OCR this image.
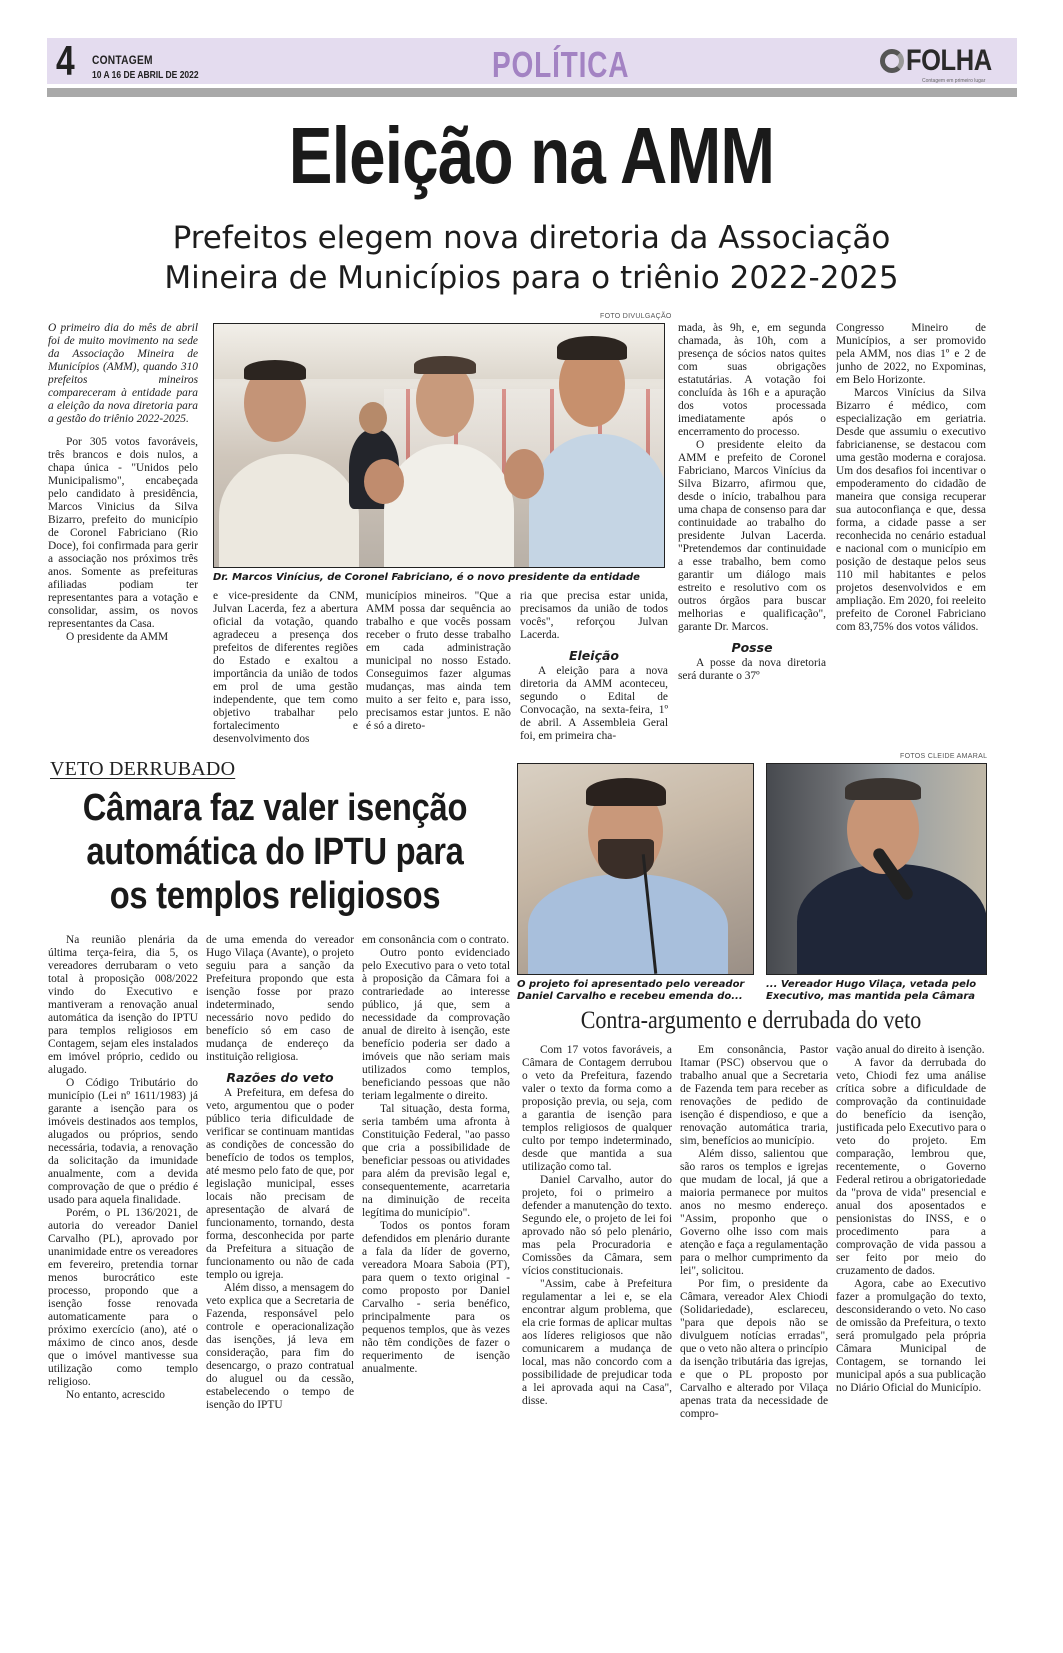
4 CONTAGEM
10 A 16 DE ABRIL DE 2022	POLÍTICA	FOLHA
Contagem em primeiro lugar
Eleição na AMM
Prefeitos elegem nova diretoria da Associação
Mineira de Municípios para o triênio 2022-2025

O primeiro dia do mês de abril foi de muito movimento na sede da Associação Mineira de Municípios (AMM), quando 310 prefeitos mineiros compareceram à entidade para a eleição da nova diretoria para a gestão do triênio 2022-2025.

Por 305 votos favoráveis, três brancos e dois nulos, a chapa única - "Unidos pelo Municipalismo", encabeçada pelo candidato à presidência, Marcos Vinicius da Silva Bizarro, prefeito do município de Coronel Fabriciano (Rio Doce), foi confirmada para gerir a associação nos próximos três anos. Somente as prefeituras afiliadas podiam ter representantes para a votação e consolidar, assim, os novos representantes da Casa.

O presidente da AMM

FOTO DIVULGAÇÃO
Dr. Marcos Vinícius, de Coronel Fabriciano, é o novo presidente da entidade

e vice-presidente da CNM, Julvan Lacerda, fez a abertura oficial da votação, quando agradeceu a presença dos prefeitos de diferentes regiões do Estado e exaltou a importância da união de todos em prol de uma gestão independente, que tem como objetivo trabalhar pelo fortalecimento e desenvolvimento dos

municípios mineiros. "Que a AMM possa dar sequência ao trabalho e que vocês possam receber o fruto desse trabalho em cada administração municipal no nosso Estado. Conseguimos fazer algumas mudanças, mas ainda tem muito a ser feito e, para isso, precisamos estar juntos. E não é só a direto-

ria que precisa estar unida, precisamos da união de todos vocês", reforçou Julvan Lacerda.

Eleição

A eleição para a nova diretoria da AMM aconteceu, segundo o Edital de Convocação, na sexta-feira, 1º de abril. A Assembleia Geral foi, em primeira cha-

mada, às 9h, e, em segunda chamada, às 10h, com a presença de sócios natos quites com suas obrigações estatutárias. A votação foi concluída às 16h e a apuração dos votos processada imediatamente após o encerramento do processo.

O presidente eleito da AMM e prefeito de Coronel Fabriciano, Marcos Vinícius da Silva Bizarro, afirmou que, desde o início, trabalhou para uma chapa de consenso para dar continuidade ao trabalho do presidente Julvan Lacerda. "Pretendemos dar continuidade a esse trabalho, bem como garantir um diálogo mais estreito e resolutivo com os outros órgãos para buscar melhorias e qualificação", garante Dr. Marcos.

Posse

A posse da nova diretoria será durante o 37º

Congresso Mineiro de Municípios, a ser promovido pela AMM, nos dias 1º e 2 de junho de 2022, no Expominas, em Belo Horizonte.

Marcos Vinícius da Silva Bizarro é médico, com especialização em geriatria. Desde que assumiu o executivo fabricianense, se destacou com uma gestão moderna e corajosa. Um dos desafios foi incentivar o empoderamento do cidadão de maneira que consiga recuperar sua autoconfiança e que, dessa forma, a cidade passe a ser reconhecida no cenário estadual e nacional com o município em posição de destaque pelos seus 110 mil habitantes e pelos projetos desenvolvidos e em ampliação. Em 2020, foi reeleito prefeito de Coronel Fabriciano com 83,75% dos votos válidos.

VETO DERRUBADO
Câmara faz valer isenção
automática do IPTU para
os templos religiosos
FOTOS CLEIDE AMARAL
O projeto foi apresentado pelo vereador Daniel Carvalho e recebeu emenda do...
... Vereador Hugo Vilaça, vetada pelo Executivo, mas mantida pela Câmara

Na reunião plenária da última terça-feira, dia 5, os vereadores derrubaram o veto total à proposição 008/2022 vindo do Executivo e mantiveram a renovação anual automática da isenção do IPTU para templos religiosos em Contagem, sejam eles instalados em imóvel próprio, cedido ou alugado.

O Código Tributário do município (Lei nº 1611/1983) já garante a isenção para os imóveis destinados aos templos, alugados ou próprios, sendo necessária, todavia, a renovação da solicitação da imunidade anualmente, com a devida comprovação de que o prédio é usado para aquela finalidade.

Porém, o PL 136/2021, de autoria do vereador Daniel Carvalho (PL), aprovado por unanimidade entre os vereadores em fevereiro, pretendia tornar menos burocrático este processo, propondo que a isenção fosse renovada automaticamente para o próximo exercício (ano), até o máximo de cinco anos, desde que o imóvel mantivesse sua utilização como templo religioso.

No entanto, acrescido

de uma emenda do vereador Hugo Vilaça (Avante), o projeto seguiu para a sanção da Prefeitura propondo que esta isenção fosse por prazo indeterminado, sendo necessário novo pedido do benefício só em caso de mudança de endereço da instituição religiosa.

Razões do veto

A Prefeitura, em defesa do veto, argumentou que o poder público teria dificuldade de verificar se continuam mantidas as condições de concessão do benefício de todos os templos, até mesmo pelo fato de que, por legislação municipal, esses locais não precisam de apresentação de alvará de funcionamento, tornando, desta forma, desconhecida por parte da Prefeitura a situação de funcionamento ou não de cada templo ou igreja.

Além disso, a mensagem do veto explica que a Secretaria de Fazenda, responsável pelo controle e operacionalização das isenções, já leva em consideração, para fim do desencargo, o prazo contratual do aluguel ou da cessão, estabelecendo o tempo de isenção do IPTU

em consonância com o contrato.

Outro ponto evidenciado pelo Executivo para o veto total à proposição da Câmara foi a contrariedade ao interesse público, já que, sem a necessidade da comprovação anual de direito à isenção, este benefício poderia ser dado a imóveis que não seriam mais utilizados como templos, beneficiando pessoas que não teriam legalmente o direito.

Tal situação, desta forma, seria também uma afronta à Constituição Federal, "ao passo que cria a possibilidade de beneficiar pessoas ou atividades para além da previsão legal e, consequentemente, acarretaria na diminuição de receita legítima do município".

Todos os pontos foram defendidos em plenário durante a fala da líder de governo, vereadora Moara Saboia (PT), para quem o texto original - como proposto por Daniel Carvalho - seria benéfico, principalmente para os pequenos templos, que às vezes não têm condições de fazer o requerimento de isenção anualmente.

Contra-argumento e derrubada do veto

Com 17 votos favoráveis, a Câmara de Contagem derrubou o veto da Prefeitura, fazendo valer o texto da forma como a proposição previa, ou seja, com a garantia de isenção para templos religiosos de qualquer culto por tempo indeterminado, desde que mantida a sua utilização como tal.

Daniel Carvalho, autor do projeto, foi o primeiro a defender a manutenção do texto. Segundo ele, o projeto de lei foi aprovado não só pelo plenário, mas pela Procuradoria e Comissões da Câmara, sem vícios constitucionais.

"Assim, cabe à Prefeitura regulamentar a lei e, se ela encontrar algum problema, que ela crie formas de aplicar multas aos líderes religiosos que não comunicarem a mudança de local, mas não concordo com a possibilidade de prejudicar toda a lei aprovada aqui na Casa", disse.

Em consonância, Pastor Itamar (PSC) observou que o trabalho anual que a Secretaria de Fazenda tem para receber as renovações de pedido de isenção é dispendioso, e que a renovação automática traria, sim, benefícios ao município.

Além disso, salientou que são raros os templos e igrejas que mudam de local, já que a maioria permanece por muitos anos no mesmo endereço. "Assim, proponho que o Governo olhe isso com mais atenção e faça a regulamentação para o melhor cumprimento da lei", solicitou.

Por fim, o presidente da Câmara, vereador Alex Chiodi (Solidariedade), esclareceu, "para que depois não se divulguem notícias erradas", que o veto não altera o princípio da isenção tributária das igrejas, e que o PL proposto por Carvalho e alterado por Vilaça apenas trata da necessidade de compro-

vação anual do direito à isenção.

A favor da derrubada do veto, Chiodi fez uma análise crítica sobre a dificuldade de comprovação da continuidade do benefício da isenção, justificada pelo Executivo para o veto do projeto. Em comparação, lembrou que, recentemente, o Governo Federal retirou a obrigatoriedade da "prova de vida" presencial e anual dos aposentados e pensionistas do INSS, e o procedimento para a comprovação de vida passou a ser feito por meio do cruzamento de dados.

Agora, cabe ao Executivo fazer a promulgação do texto, desconsiderando o veto. No caso de omissão da Prefeitura, o texto será promulgado pela própria Câmara Municipal de Contagem, se tornando lei municipal após a sua publicação no Diário Oficial do Município.
